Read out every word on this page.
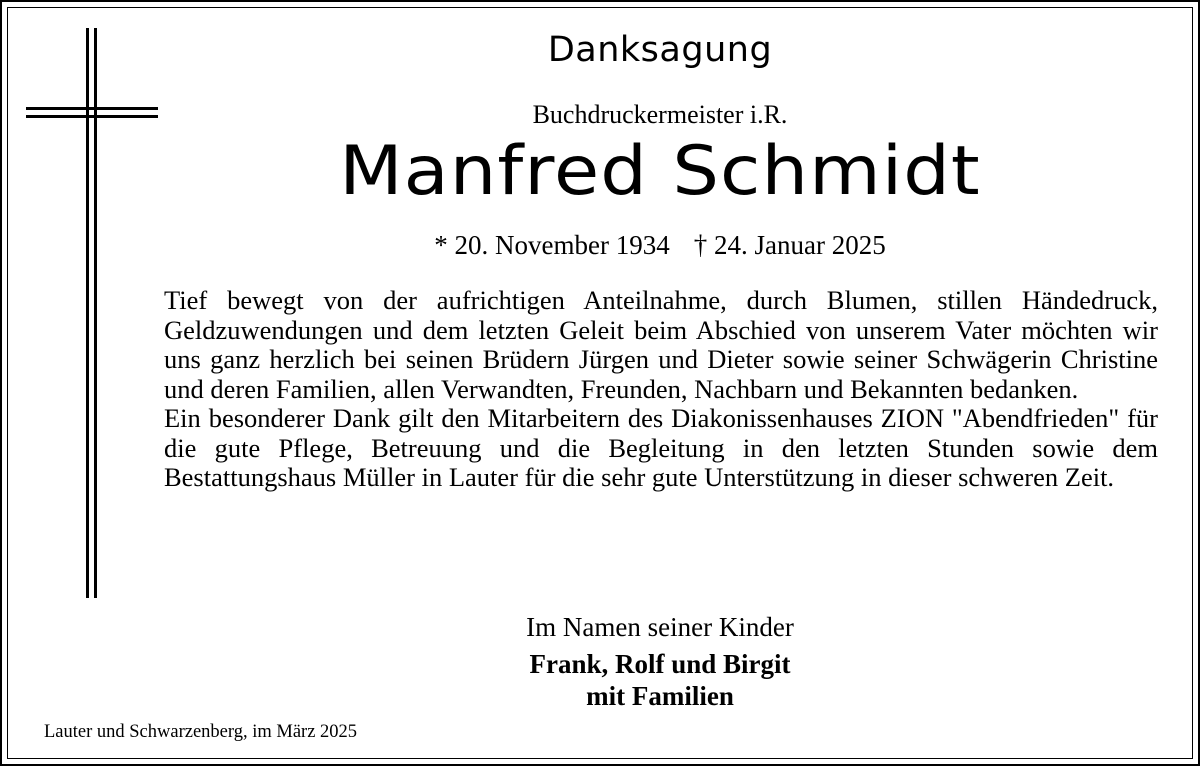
Danksagung
Buchdruckermeister i.R.
Manfred Schmidt
* 20. November 1934 † 24. Januar 2025

Tief bewegt von der aufrichtigen Anteilnahme, durch Blumen, stillen Händedruck, Geldzuwendungen und dem letzten Geleit beim Abschied von unserem Vater möchten wir uns ganz herzlich bei seinen Brüdern Jürgen und Dieter sowie seiner Schwägerin Christine und deren Familien, allen Verwandten, Freunden, Nachbarn und Bekannten bedanken.

Ein besonderer Dank gilt den Mitarbeitern des Diakonissenhauses ZION "Abendfrieden" für die gute Pflege, Betreuung und die Begleitung in den letzten Stunden sowie dem Bestattungshaus Müller in Lauter für die sehr gute Unterstützung in dieser schweren Zeit.

Im Namen seiner Kinder
Frank, Rolf und Birgit
mit Familien
Lauter und Schwarzenberg, im März 2025
